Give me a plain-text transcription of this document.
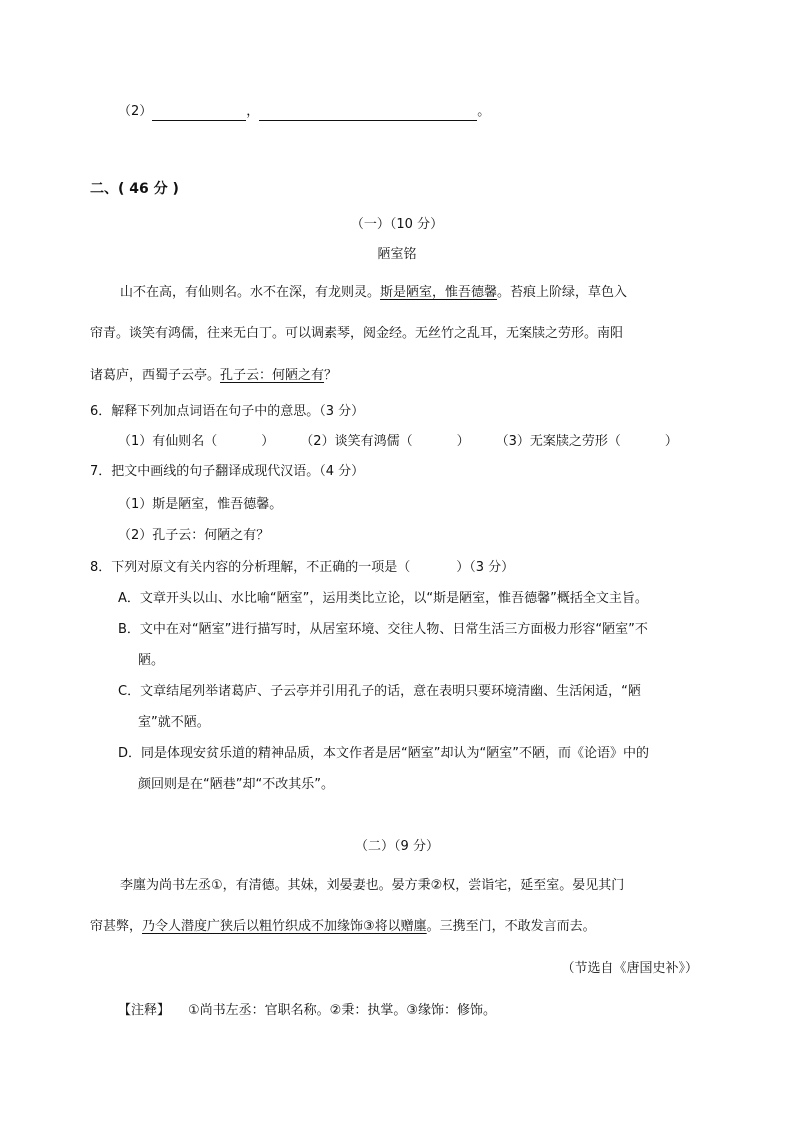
（2）	，	。
二、( 46 分 )
（一）（10 分）
陋室铭
山不在高，有仙则名。水不在深，有龙则灵。斯是陋室，惟吾德馨。苔痕上阶绿，草色入
帘青。谈笑有鸿儒，往来无白丁。可以调素琴，阅金经。无丝竹之乱耳，无案牍之劳形。南阳
诸葛庐，西蜀子云亭。孔子云：何陋之有？
6．解释下列加点词语在句子中的意思。（3 分）
（1）有仙则名（	） （2）谈笑有鸿儒（	） （3）无案牍之劳形（	）
7．把文中画线的句子翻译成现代汉语。（4 分）
（1）斯是陋室，惟吾德馨。
（2）孔子云：何陋之有？
8．下列对原文有关内容的分析理解，不正确的一项是（	）（3 分）
A．文章开头以山、水比喻“陋室”，运用类比立论，以“斯是陋室，惟吾德馨”概括全文主旨。
B．文中在对“陋室”进行描写时，从居室环境、交往人物、日常生活三方面极力形容“陋室”不
陋。
C．文章结尾列举诸葛庐、子云亭并引用孔子的话，意在表明只要环境清幽、生活闲适，“陋
室”就不陋。
D．同是体现安贫乐道的精神品质，本文作者是居“陋室”却认为“陋室”不陋，而《论语》中的
颜回则是在“陋巷”却“不改其乐”。
（二）（9 分）
李廛为尚书左丞①，有清德。其妹，刘晏妻也。晏方秉②权，尝诣宅，延至室。晏见其门
帘甚弊，乃令人潜度广狭后以粗竹织成不加缘饰③将以赠廛。三携至门，不敢发言而去。
（节选自《唐国史补》）
【注释】 ①尚书左丞：官职名称。②秉：执掌。③缘饰：修饰。
